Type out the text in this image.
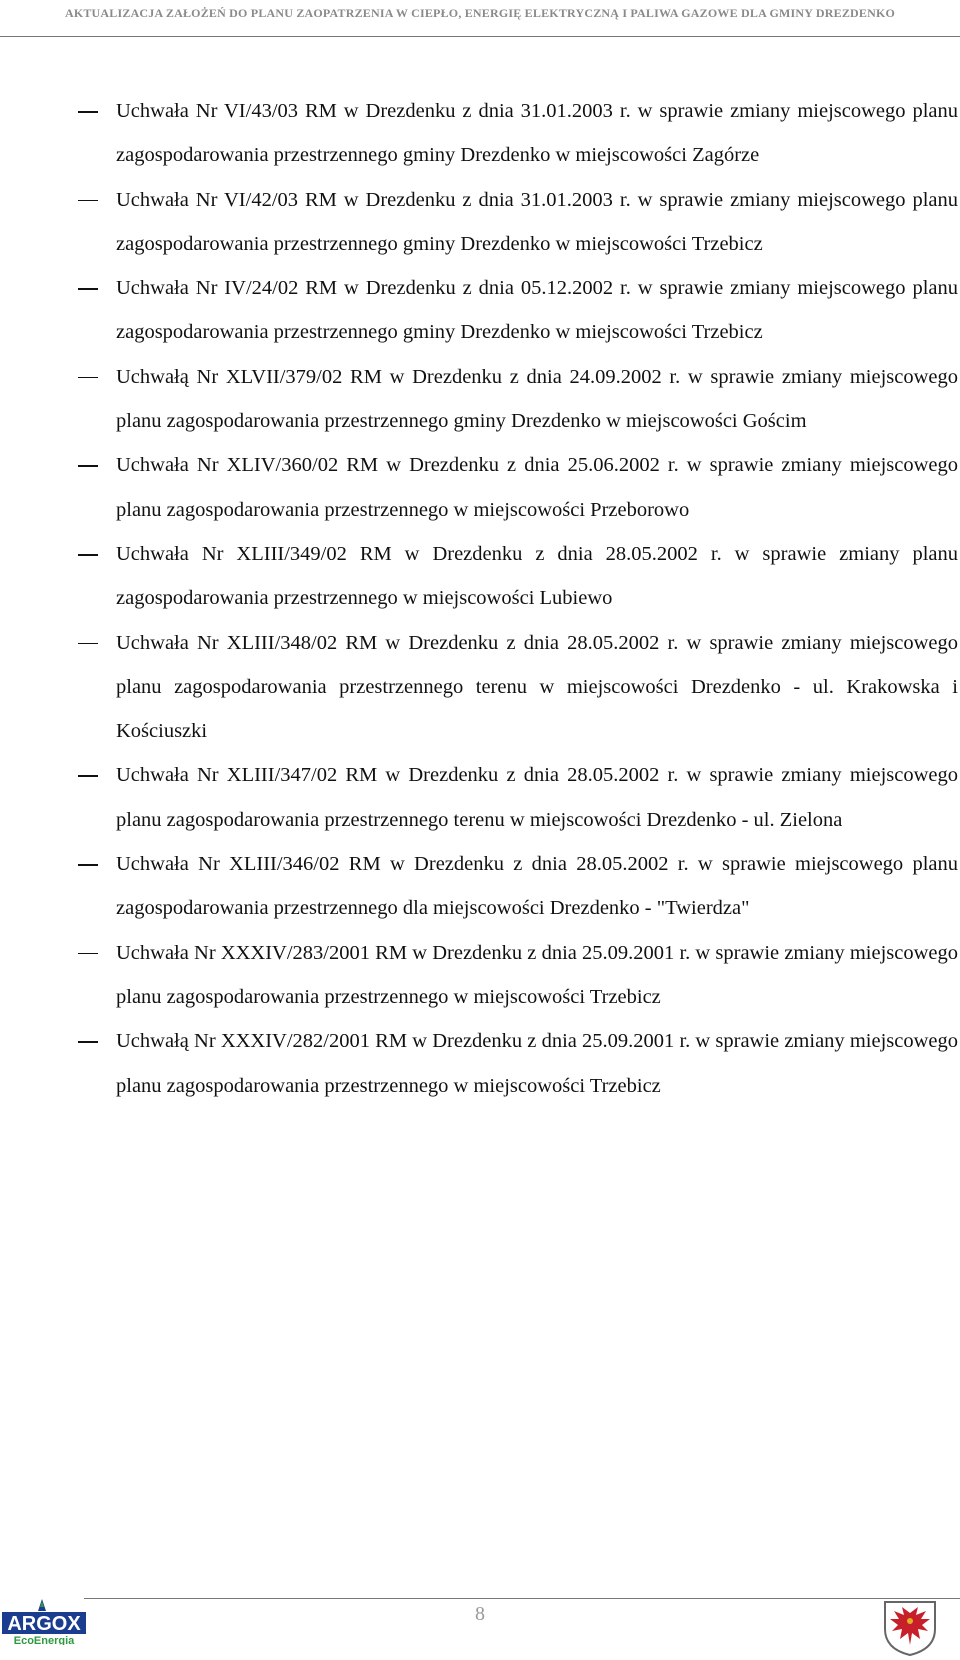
AKTUALIZACJA ZAŁOŻEŃ DO PLANU ZAOPATRZENIA W CIEPŁO, ENERGIĘ ELEKTRYCZNĄ I PALIWA GAZOWE DLA GMINY DREZDENKO
Uchwała Nr VI/43/03 RM w Drezdenku z dnia 31.01.2003 r. w sprawie zmiany miejscowego planu zagospodarowania przestrzennego gminy Drezdenko w miejscowości Zagórze
Uchwała Nr VI/42/03 RM w Drezdenku z dnia 31.01.2003 r. w sprawie zmiany miejscowego planu zagospodarowania przestrzennego gminy Drezdenko w miejscowości Trzebicz
Uchwała Nr IV/24/02 RM w Drezdenku z dnia 05.12.2002 r. w sprawie zmiany miejscowego planu zagospodarowania przestrzennego gminy Drezdenko w miejscowości Trzebicz
Uchwałą Nr XLVII/379/02 RM w Drezdenku z dnia 24.09.2002 r. w sprawie zmiany miejscowego planu zagospodarowania przestrzennego gminy Drezdenko w miejscowości Gościm
Uchwała Nr XLIV/360/02 RM w Drezdenku z dnia 25.06.2002 r. w sprawie zmiany miejscowego planu zagospodarowania przestrzennego w miejscowości Przeborowo
Uchwała Nr XLIII/349/02 RM w Drezdenku z dnia 28.05.2002 r. w sprawie zmiany planu zagospodarowania przestrzennego w miejscowości Lubiewo
Uchwała Nr XLIII/348/02 RM w Drezdenku z dnia 28.05.2002 r. w sprawie zmiany miejscowego planu zagospodarowania przestrzennego terenu w miejscowości Drezdenko - ul. Krakowska i Kościuszki
Uchwała Nr XLIII/347/02 RM w Drezdenku z dnia 28.05.2002 r. w sprawie zmiany miejscowego planu zagospodarowania przestrzennego terenu w miejscowości Drezdenko - ul. Zielona
Uchwała Nr XLIII/346/02 RM w Drezdenku z dnia 28.05.2002 r. w sprawie miejscowego planu zagospodarowania przestrzennego dla miejscowości Drezdenko - "Twierdza"
Uchwała Nr XXXIV/283/2001 RM w Drezdenku z dnia 25.09.2001 r. w sprawie zmiany miejscowego planu zagospodarowania przestrzennego w miejscowości Trzebicz
Uchwałą Nr XXXIV/282/2001 RM w Drezdenku z dnia 25.09.2001 r. w sprawie zmiany miejscowego planu zagospodarowania przestrzennego w miejscowości Trzebicz
ARGOX
EcoEnergia
8
